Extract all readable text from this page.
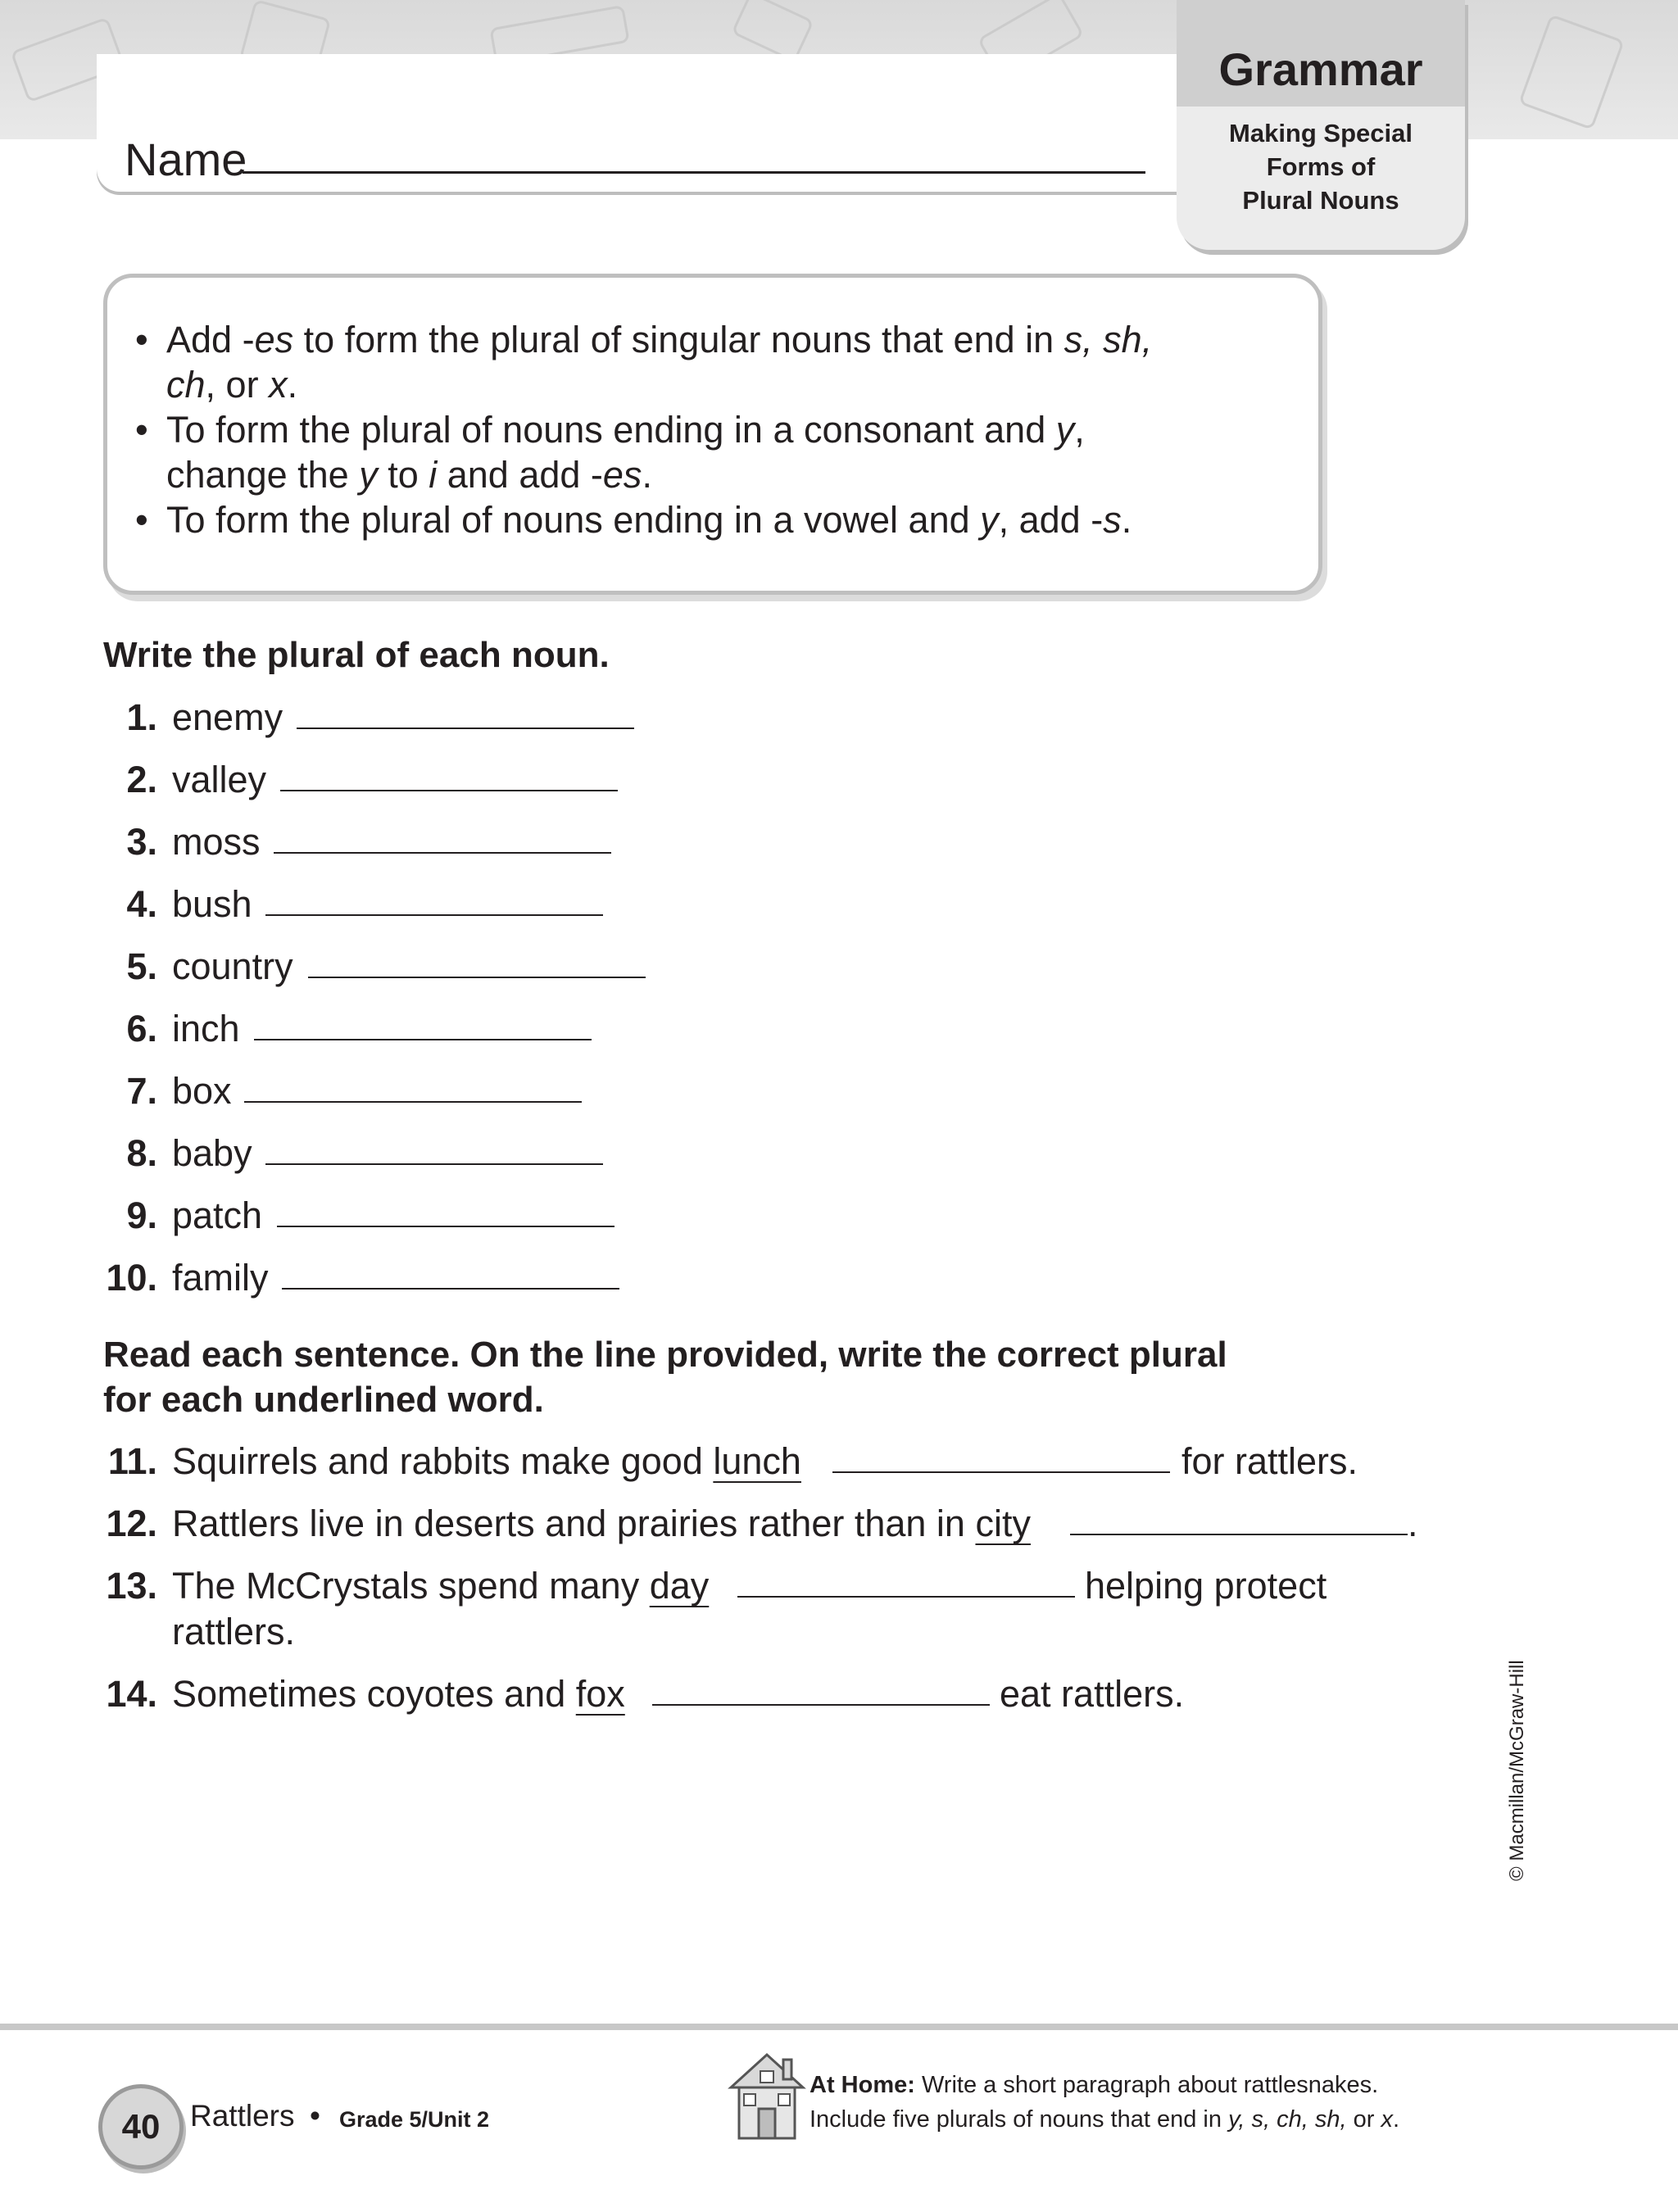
Name
Grammar
Making Special
Forms of
Plural Nouns
• Add -es to form the plural of singular nouns that end in s, sh,
ch, or x.
• To form the plural of nouns ending in a consonant and y,
change the y to i and add -es.
• To form the plural of nouns ending in a vowel and y, add -s.
Write the plural of each noun.
1. enemy
2. valley
3. moss
4. bush
5. country
6. inch
7. box
8. baby
9. patch
10. family
Read each sentence. On the line provided, write the correct plural
for each underlined word.
11. Squirrels and rabbits make good lunch	for rattlers.
12. Rattlers live in deserts and prairies rather than in city	.
13. The McCrystals spend many day	helping protect
rattlers.
14. Sometimes coyotes and fox	eat rattlers.	© Macmillan/McGraw-Hill
40 Rattlers • Grade 5/Unit 2
At Home: Write a short paragraph about rattlesnakes.
Include five plurals of nouns that end in y, s, ch, sh, or x.
